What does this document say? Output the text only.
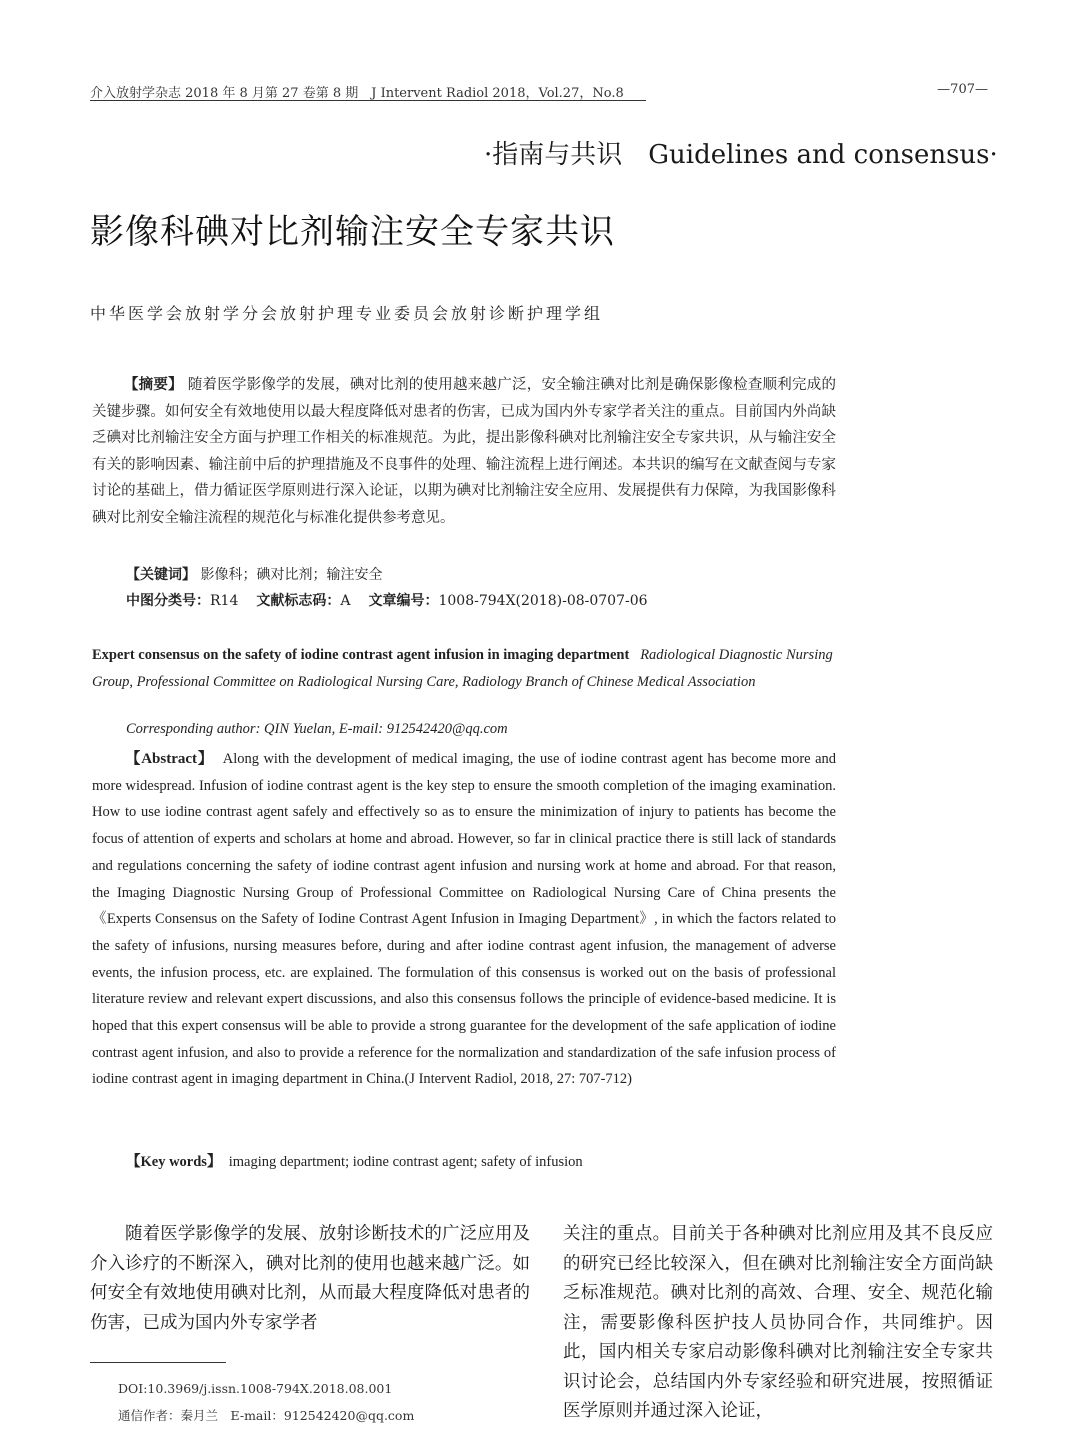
介入放射学杂志 2018 年 8 月第 27 卷第 8 期　J Intervent Radiol 2018，Vol.27，No.8	—707—
·指南与共识　Guidelines and consensus·
影像科碘对比剂输注安全专家共识
中华医学会放射学分会放射护理专业委员会放射诊断护理学组
【摘要】 随着医学影像学的发展，碘对比剂的使用越来越广泛，安全输注碘对比剂是确保影像检查顺利完成的关键步骤。如何安全有效地使用以最大程度降低对患者的伤害，已成为国内外专家学者关注的重点。目前国内外尚缺乏碘对比剂输注安全方面与护理工作相关的标准规范。为此，提出影像科碘对比剂输注安全专家共识，从与输注安全有关的影响因素、输注前中后的护理措施及不良事件的处理、输注流程上进行阐述。本共识的编写在文献查阅与专家讨论的基础上，借力循证医学原则进行深入论证，以期为碘对比剂输注安全应用、发展提供有力保障，为我国影像科碘对比剂安全输注流程的规范化与标准化提供参考意见。
【关键词】 影像科；碘对比剂；输注安全
中图分类号：R14 文献标志码：A 文章编号：1008-794X(2018)-08-0707-06
Expert consensus on the safety of iodine contrast agent infusion in imaging department Radiological Diagnostic Nursing Group, Professional Committee on Radiological Nursing Care, Radiology Branch of Chinese Medical Association
Corresponding author: QIN Yuelan, E-mail: 912542420@qq.com
【Abstract】 Along with the development of medical imaging, the use of iodine contrast agent has become more and more widespread. Infusion of iodine contrast agent is the key step to ensure the smooth completion of the imaging examination. How to use iodine contrast agent safely and effectively so as to ensure the minimization of injury to patients has become the focus of attention of experts and scholars at home and abroad. However, so far in clinical practice there is still lack of standards and regulations concerning the safety of iodine contrast agent infusion and nursing work at home and abroad. For that reason, the Imaging Diagnostic Nursing Group of Professional Committee on Radiological Nursing Care of China presents the《Experts Consensus on the Safety of Iodine Contrast Agent Infusion in Imaging Department》, in which the factors related to the safety of infusions, nursing measures before, during and after iodine contrast agent infusion, the management of adverse events, the infusion process, etc. are explained. The formulation of this consensus is worked out on the basis of professional literature review and relevant expert discussions, and also this consensus follows the principle of evidence-based medicine. It is hoped that this expert consensus will be able to provide a strong guarantee for the development of the safe application of iodine contrast agent infusion, and also to provide a reference for the normalization and standardization of the safe infusion process of iodine contrast agent in imaging department in China.(J Intervent Radiol, 2018, 27: 707-712)
【Key words】 imaging department; iodine contrast agent; safety of infusion
随着医学影像学的发展、放射诊断技术的广泛应用及介入诊疗的不断深入，碘对比剂的使用也越来越广泛。如何安全有效地使用碘对比剂，从而最大程度降低对患者的伤害，已成为国内外专家学者
关注的重点。目前关于各种碘对比剂应用及其不良反应的研究已经比较深入，但在碘对比剂输注安全方面尚缺乏标准规范。碘对比剂的高效、合理、安全、规范化输注，需要影像科医护技人员协同合作，共同维护。因此，国内相关专家启动影像科碘对比剂输注安全专家共识讨论会，总结国内外专家经验和研究进展，按照循证医学原则并通过深入论证，
DOI:10.3969/j.issn.1008-794X.2018.08.001
通信作者：秦月兰　E-mail：912542420@qq.com
